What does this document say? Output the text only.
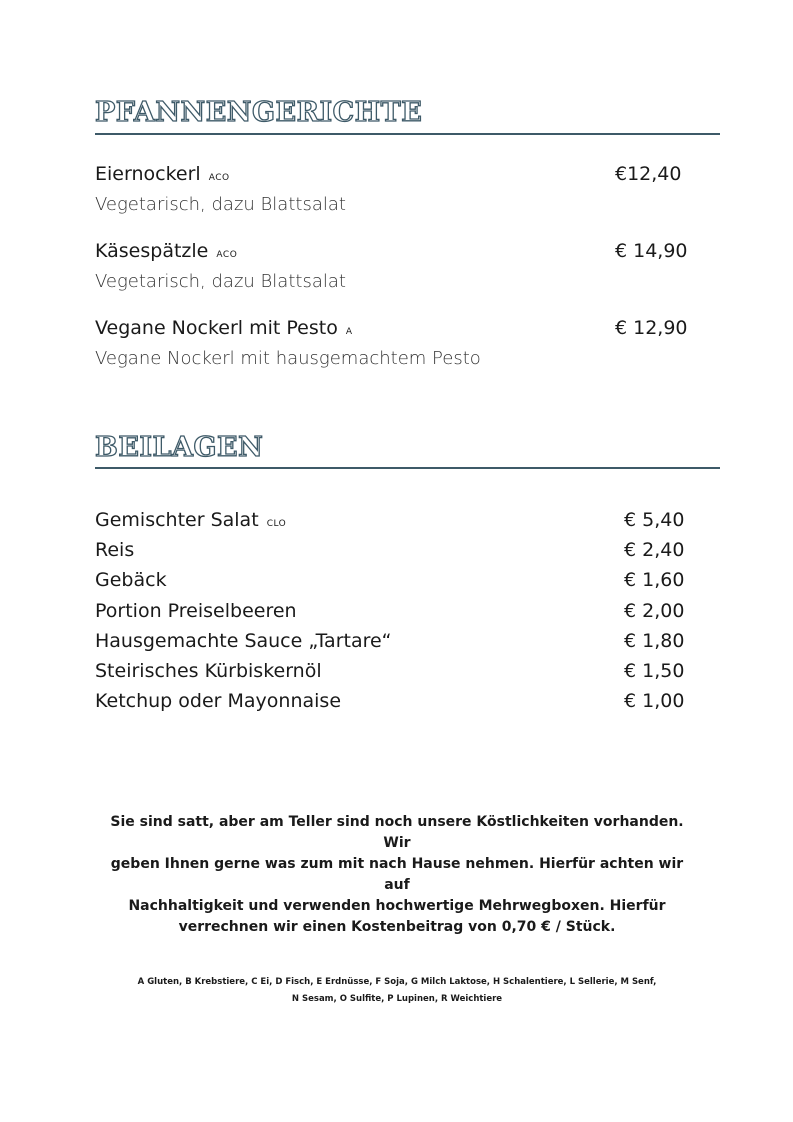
PFANNENGERICHTE
Eiernockerl ACO	€12,40
Vegetarisch, dazu Blattsalat
Käsespätzle ACO	€ 14,90
Vegetarisch, dazu Blattsalat
Vegane Nockerl mit Pesto A	€ 12,90
Vegane Nockerl mit hausgemachtem Pesto
BEILAGEN
Gemischter Salat CLO	€ 5,40
Reis	€ 2,40
Gebäck	€ 1,60
Portion Preiselbeeren	€ 2,00
Hausgemachte Sauce „Tartare“	€ 1,80
Steirisches Kürbiskernöl	€ 1,50
Ketchup oder Mayonnaise	€ 1,00
Sie sind satt, aber am Teller sind noch unsere Köstlichkeiten vorhanden. Wir
geben Ihnen gerne was zum mit nach Hause nehmen. Hierfür achten wir auf
Nachhaltigkeit und verwenden hochwertige Mehrwegboxen. Hierfür
verrechnen wir einen Kostenbeitrag von 0,70 € / Stück.
A Gluten, B Krebstiere, C Ei, D Fisch, E Erdnüsse, F Soja, G Milch Laktose, H Schalentiere, L Sellerie, M Senf,
N Sesam, O Sulfite, P Lupinen, R Weichtiere
